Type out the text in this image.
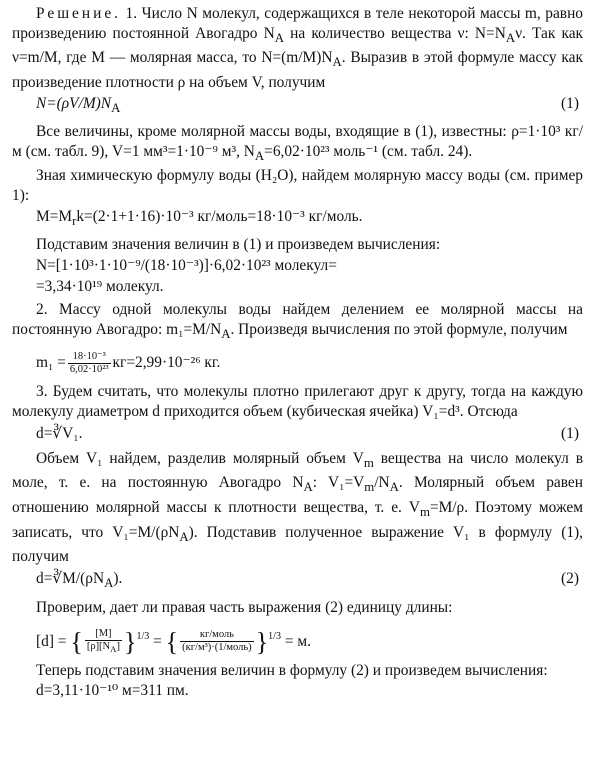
Решение. 1. Число N молекул, содержащихся в теле некоторой массы m, равно произведению постоянной Авогадро $N_A$ на количество вещества ν: $N=N_A\nu$. Так как ν=m/M, где M — молярная масса, то $N=(m/M)N_A$. Выразив в этой формуле массу как произведение плотности ρ на объем V, получим

$N=(\rho V/M)N_A$	(1)

Все величины, кроме молярной массы воды, входящие в (1), известны: ρ=1·10³ кг/м (см. табл. 9), V=1 мм³=1·10⁻⁹ м³, $N_A=6,02\cdot 10^{23}$ моль⁻¹ (см. табл. 24).

Зная химическую формулу воды (H₂O), найдем молярную массу воды (см. пример 1):

$M=M_rk=(2\cdot 1+1\cdot 16)\cdot 10^{-3}$ кг/моль=18·10⁻³ кг/моль.

Подставим значения величин в (1) и произведем вычисления:

N=[1·10³·1·10⁻⁹/(18·10⁻³)]·6,02·10²³ молекул=
=3,34·10¹⁹ молекул.

2. Массу одной молекулы воды найдем делением ее молярной массы на постоянную Авогадро: $m_1=M/N_A$. Произведя вычисления по этой формуле, получим

$m_1 = \frac{\text{18·10⁻³}}{\text{6,02·10²³}} кг=2,99\cdot 10^{-26}$ кг.

3. Будем считать, что молекулы плотно прилегают друг к другу, тогда на каждую молекулу диаметром d приходится объем (кубическая ячейка) V₁=d³. Отсюда

d=∛V₁.	(1)

Объем V₁ найдем, разделив молярный объем $V_m$ вещества на число молекул в моле, т. е. на постоянную Авогадро $N_A$: $V_1=V_m/N_A$. Молярный объем равен отношению молярной массы к плотности вещества, т. е. $V_m=M/\rho$. Поэтому можем записать, что $V_1=M/(\rho N_A)$. Подставив полученное выражение V₁ в формулу (1), получим

$d=∛M/(\rho N_A)$.	(2)

Проверим, дает ли правая часть выражения (2) единицу длины:

[d] = { $\frac{[M]}{[\rho][N_A]} \}^{1/3}$ = { $\frac{\text{кг/моль}}{\text{(кг/м³)·(1/моль)}} \}^{1/3} = м$.

Теперь подставим значения величин в формулу (2) и произведем вычисления:

d=3,11·10⁻¹⁰ м=311 пм.
